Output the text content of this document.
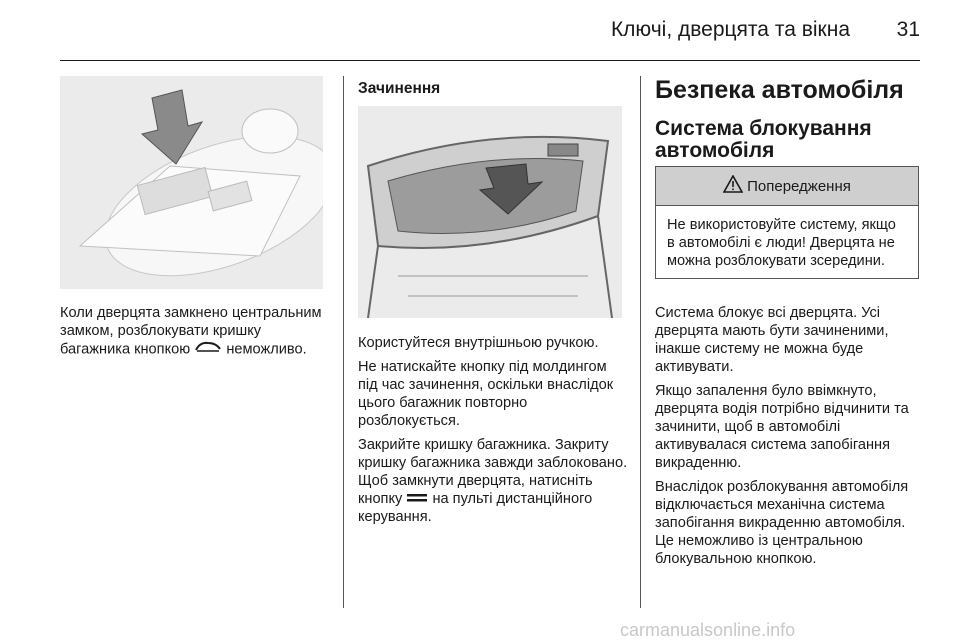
Ключі, дверцята та вікна 31
Коли дверцята замкнено центральним замком, розблокувати кришку багажника кнопкою неможливо.
Зачинення

Користуйтеся внутрішньою ручкою.

Не натискайте кнопку під молдингом під час зачинення, оскільки внаслідок цього багажник повторно розблокується.

Закрийте кришку багажника. Закриту кришку багажника завжди заблоковано. Щоб замкнути дверцята, натисніть кнопку на пульті дистанційного керування.

Безпека автомобіля
Система блокування автомобіля
Попередження
Не використовуйте систему, якщо в автомобілі є люди! Дверцята не можна розблокувати зсередини.

Система блокує всі дверцята. Усі дверцята мають бути зачиненими, інакше систему не можна буде активувати.

Якщо запалення було ввімкнуто, дверцята водія потрібно відчинити та зачинити, щоб в автомобілі активувалася система запобігання викраденню.

Внаслідок розблокування автомобіля відключається механічна система запобігання викраденню автомобіля. Це неможливо із центральною блокувальною кнопкою.

carmanualsonline.info
